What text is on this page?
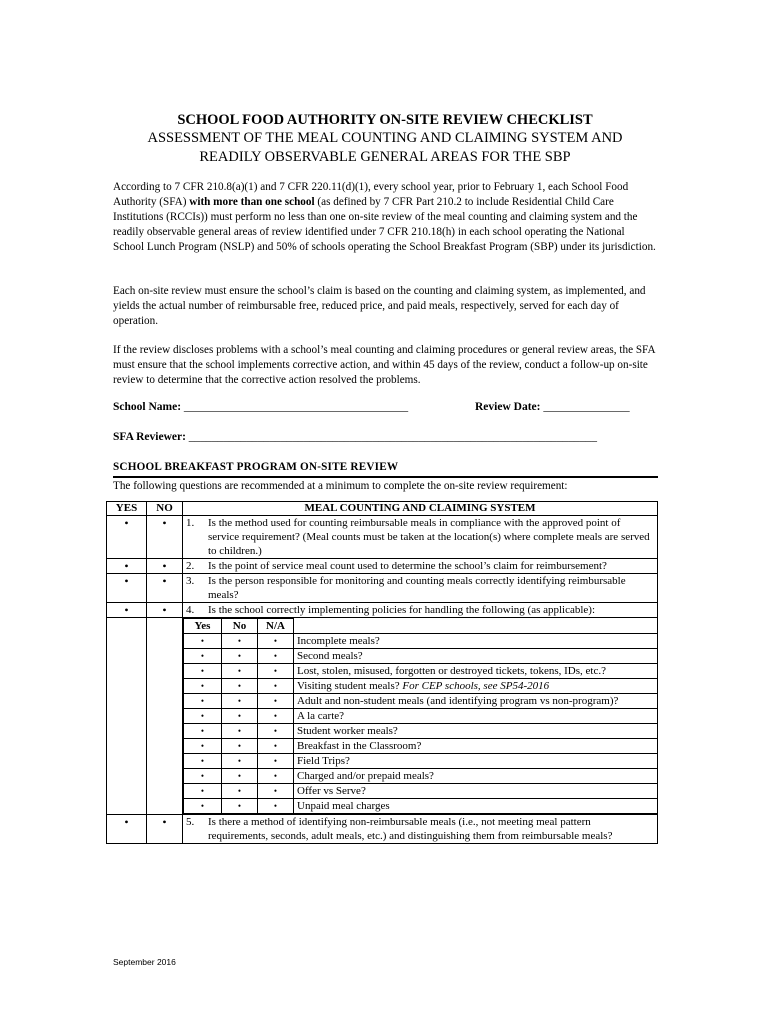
SCHOOL FOOD AUTHORITY ON-SITE REVIEW CHECKLIST
ASSESSMENT OF THE MEAL COUNTING AND CLAIMING SYSTEM AND
READILY OBSERVABLE GENERAL AREAS FOR THE SBP
According to 7 CFR 210.8(a)(1) and 7 CFR 220.11(d)(1), every school year, prior to February 1, each School Food Authority (SFA) with more than one school (as defined by 7 CFR Part 210.2 to include Residential Child Care Institutions (RCCIs)) must perform no less than one on-site review of the meal counting and claiming system and the readily observable general areas of review identified under 7 CFR 210.18(h) in each school operating the National School Lunch Program (NSLP) and 50% of schools operating the School Breakfast Program (SBP) under its jurisdiction.
Each on-site review must ensure the school’s claim is based on the counting and claiming system, as implemented, and yields the actual number of reimbursable free, reduced price, and paid meals, respectively, served for each day of operation.
If the review discloses problems with a school’s meal counting and claiming procedures or general review areas, the SFA must ensure that the school implements corrective action, and within 45 days of the review, conduct a follow-up on-site review to determine that the corrective action resolved the problems.
School Name: _______________________________________	Review Date: _______________
SFA Reviewer: _______________________________________________________________________
SCHOOL BREAKFAST PROGRAM ON-SITE REVIEW
The following questions are recommended at a minimum to complete the on-site review requirement:
YES	NO	MEAL COUNTING AND CLAIMING SYSTEM
•	•	1.	Is the method used for counting reimbursable meals in compliance with the approved point of service requirement? (Meal counts must be taken at the location(s) where complete meals are served to children.)

•	•	2.	Is the point of service meal count used to determine the school’s claim for reimbursement?

•	•	3.	Is the person responsible for monitoring and counting meals correctly identifying reimbursable meals?

•	•	4.	Is the school correctly implementing policies for handling the following (as applicable):

Yes	No	N/A	
•	•	•	Incomplete meals?
•	•	•	Second meals?
•	•	•	Lost, stolen, misused, forgotten or destroyed tickets, tokens, IDs, etc.?
•	•	•	Visiting student meals? For CEP schools, see SP54-2016
•	•	•	Adult and non-student meals (and identifying program vs non-program)?
•	•	•	A la carte?
•	•	•	Student worker meals?
•	•	•	Breakfast in the Classroom?
•	•	•	Field Trips?
•	•	•	Charged and/or prepaid meals?
•	•	•	Offer vs Serve?
•	•	•	Unpaid meal charges

•	•	5.	Is there a method of identifying non-reimbursable meals (i.e., not meeting meal pattern requirements, seconds, adult meals, etc.) and distinguishing them from reimbursable meals?
September 2016
